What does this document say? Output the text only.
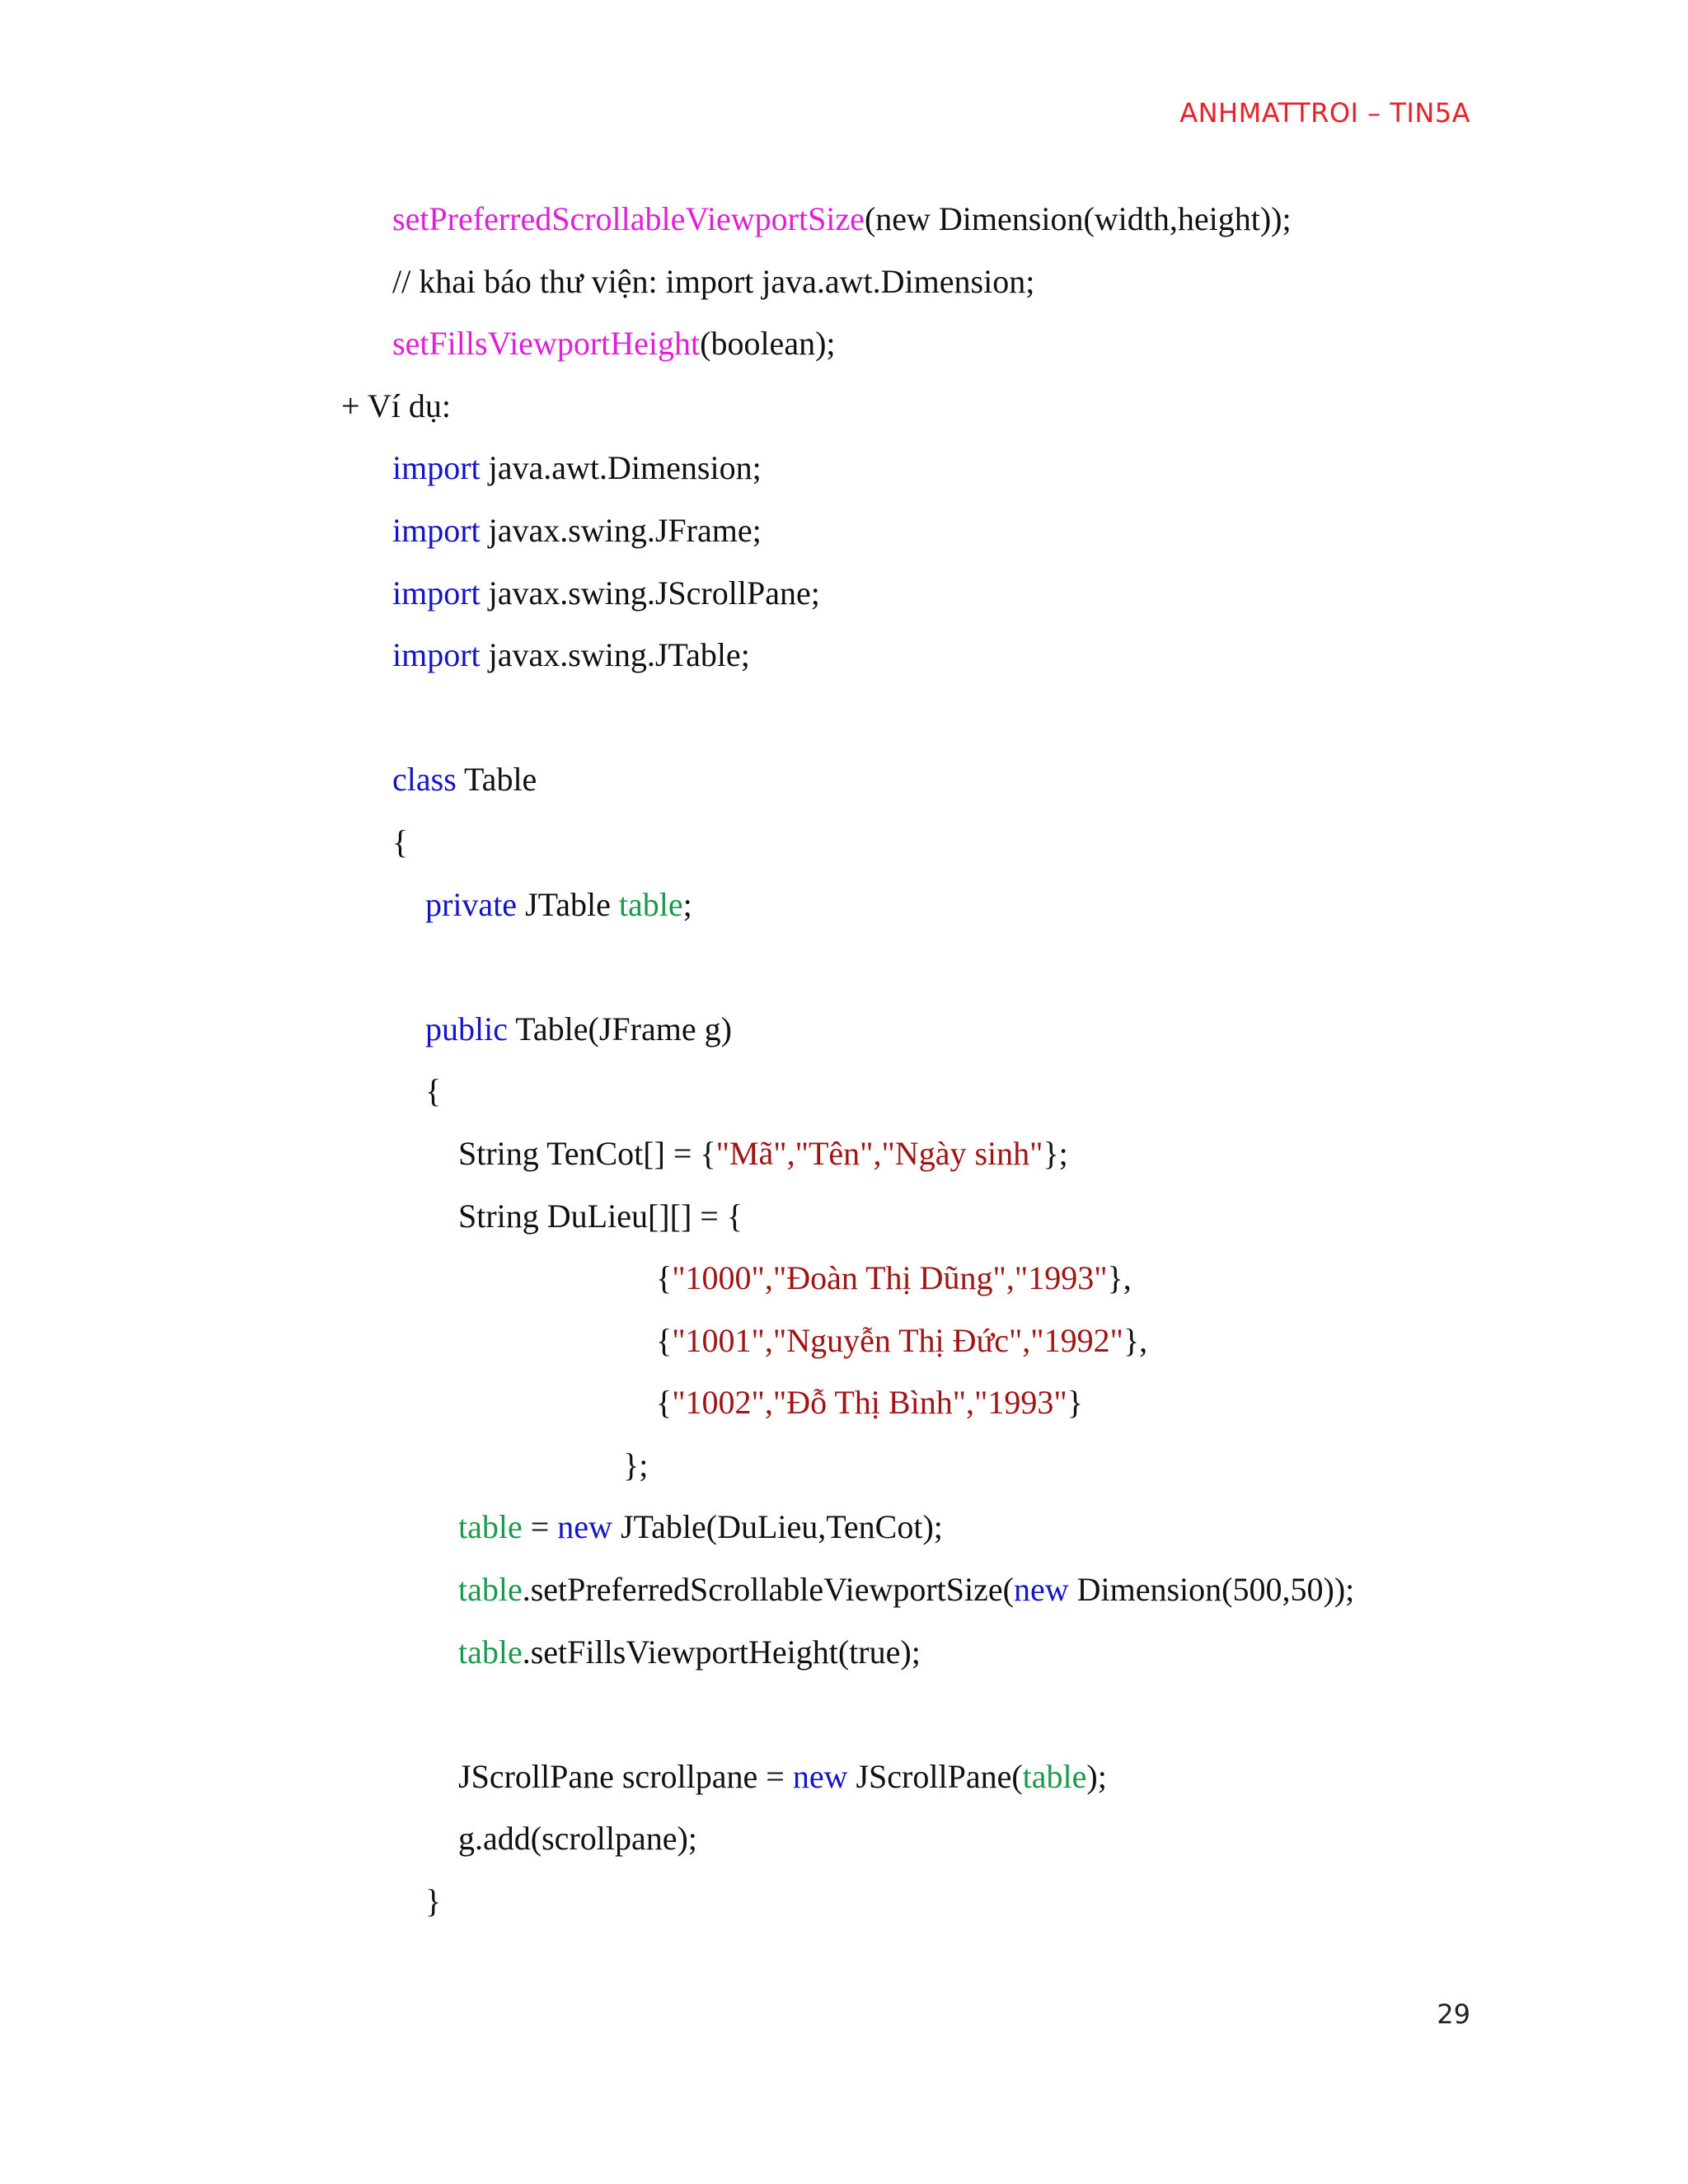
ANHMATTROI – TIN5A
setPreferredScrollableViewportSize(new Dimension(width,height));
// khai báo thư viện: import java.awt.Dimension;
setFillsViewportHeight(boolean);
+ Ví dụ:
import java.awt.Dimension;
import javax.swing.JFrame;
import javax.swing.JScrollPane;
import javax.swing.JTable;
class Table
{
private JTable table;
public Table(JFrame g)
{
String TenCot[] = {"Mã","Tên","Ngày sinh"};
String DuLieu[][] = {
{"1000","Đoàn Thị Dũng","1993"},
{"1001","Nguyễn Thị Đức","1992"},
{"1002","Đỗ Thị Bình","1993"}
};
table = new JTable(DuLieu,TenCot);
table.setPreferredScrollableViewportSize(new Dimension(500,50));
table.setFillsViewportHeight(true);
JScrollPane scrollpane = new JScrollPane(table);
g.add(scrollpane);
}
29
